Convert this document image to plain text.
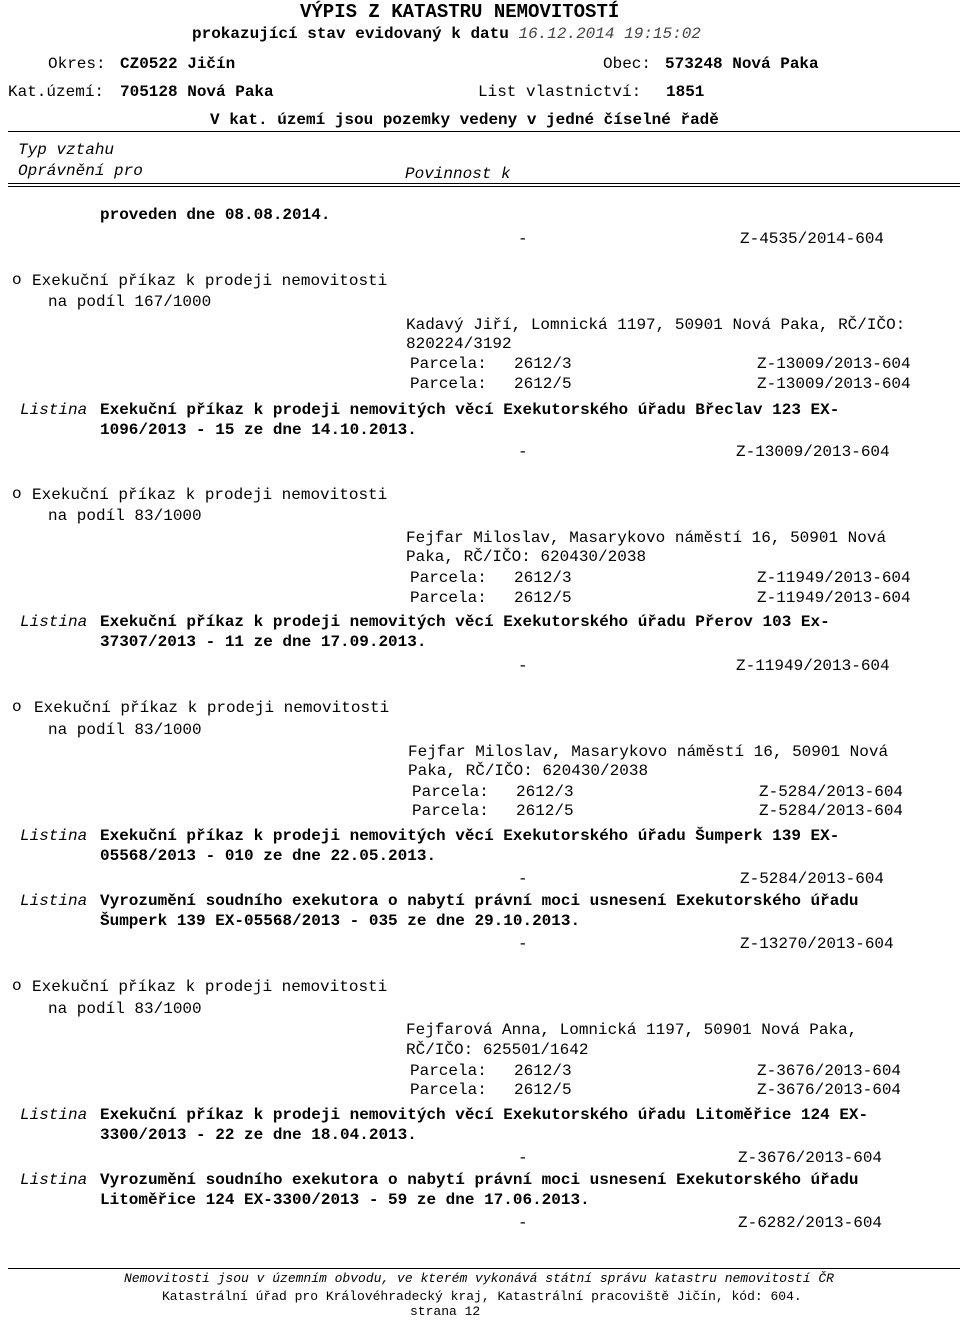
VÝPIS Z KATASTRU NEMOVITOSTÍ
prokazující stav evidovaný k datu 16.12.2014 19:15:02
Okres: CZ0522 Jičín	Obec: 573248 Nová Paka
Kat.území: 705128 Nová Paka	List vlastnictví: 1851
V kat. území jsou pozemky vedeny v jedné číselné řadě
Typ vztahu
Oprávnění pro	Povinnost k
proveden dne 08.08.2014.
-	Z-4535/2014-604
o Exekuční příkaz k prodeji nemovitosti
na podíl 167/1000
Kadavý Jiří, Lomnická 1197, 50901 Nová Paka, RČ/IČO:
820224/3192
Parcela: 2612/3	Z-13009/2013-604
Parcela: 2612/5	Z-13009/2013-604
Listina Exekuční příkaz k prodeji nemovitých věcí Exekutorského úřadu Břeclav 123 EX-
1096/2013 - 15 ze dne 14.10.2013.
-	Z-13009/2013-604
o Exekuční příkaz k prodeji nemovitosti
na podíl 83/1000
Fejfar Miloslav, Masarykovo náměstí 16, 50901 Nová
Paka, RČ/IČO: 620430/2038
Parcela: 2612/3	Z-11949/2013-604
Parcela: 2612/5	Z-11949/2013-604
Listina Exekuční příkaz k prodeji nemovitých věcí Exekutorského úřadu Přerov 103 Ex-
37307/2013 - 11 ze dne 17.09.2013.
-	Z-11949/2013-604
o Exekuční příkaz k prodeji nemovitosti
na podíl 83/1000
Fejfar Miloslav, Masarykovo náměstí 16, 50901 Nová
Paka, RČ/IČO: 620430/2038
Parcela: 2612/3	Z-5284/2013-604
Parcela: 2612/5	Z-5284/2013-604
Listina Exekuční příkaz k prodeji nemovitých věcí Exekutorského úřadu Šumperk 139 EX-
05568/2013 - 010 ze dne 22.05.2013.
-	Z-5284/2013-604
Listina Vyrozumění soudního exekutora o nabytí právní moci usnesení Exekutorského úřadu
Šumperk 139 EX-05568/2013 - 035 ze dne 29.10.2013.
-	Z-13270/2013-604
o Exekuční příkaz k prodeji nemovitosti
na podíl 83/1000
Fejfarová Anna, Lomnická 1197, 50901 Nová Paka,
RČ/IČO: 625501/1642
Parcela: 2612/3	Z-3676/2013-604
Parcela: 2612/5	Z-3676/2013-604
Listina Exekuční příkaz k prodeji nemovitých věcí Exekutorského úřadu Litoměřice 124 EX-
3300/2013 - 22 ze dne 18.04.2013.
-	Z-3676/2013-604
Listina Vyrozumění soudního exekutora o nabytí právní moci usnesení Exekutorského úřadu
Litoměřice 124 EX-3300/2013 - 59 ze dne 17.06.2013.
-	Z-6282/2013-604
Nemovitosti jsou v územním obvodu, ve kterém vykonává státní správu katastru nemovitostí ČR
Katastrální úřad pro Královéhradecký kraj, Katastrální pracoviště Jičín, kód: 604.
strana 12
